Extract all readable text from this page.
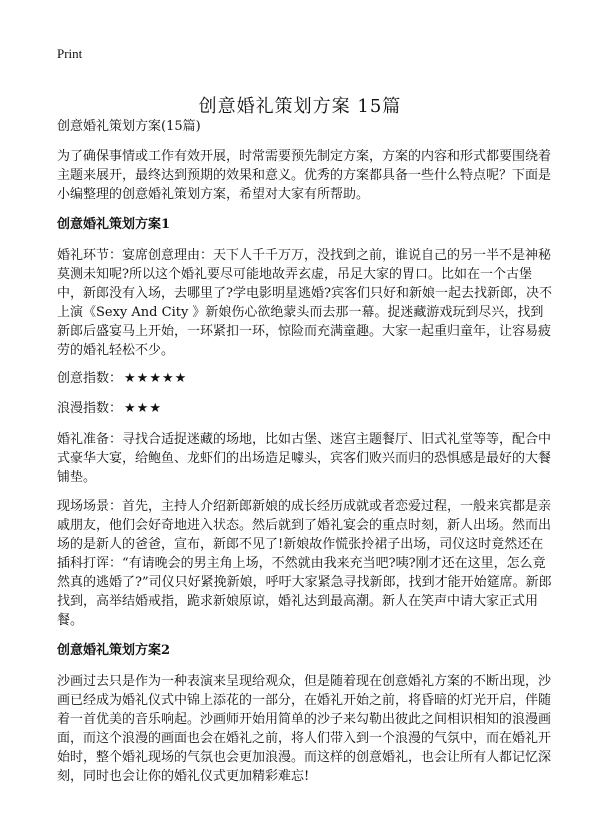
Print
创意婚礼策划方案 15篇
创意婚礼策划方案(15篇)

为了确保事情或工作有效开展，时常需要预先制定方案，方案的内容和形式都要围绕着主题来展开，最终达到预期的效果和意义。优秀的方案都具备一些什么特点呢？下面是小编整理的创意婚礼策划方案，希望对大家有所帮助。

创意婚礼策划方案1

婚礼环节：宴席创意理由：天下人千千万万，没找到之前，谁说自己的另一半不是神秘莫测未知呢?所以这个婚礼要尽可能地故弄玄虚，吊足大家的胃口。比如在一个古堡中，新郎没有入场，去哪里了?学电影明星逃婚?宾客们只好和新娘一起去找新郎，决不上演《Sexy And City 》新娘伤心欲绝蒙头而去那一幕。捉迷藏游戏玩到尽兴，找到新郎后盛宴马上开始，一环紧扣一环，惊险而充满童趣。大家一起重归童年，让容易疲劳的婚礼轻松不少。

创意指数： ★★★★★
浪漫指数： ★★★

婚礼准备：寻找合适捉迷藏的场地，比如古堡、迷宫主题餐厅、旧式礼堂等等，配合中式豪华大宴，给鲍鱼、龙虾们的出场造足噱头，宾客们败兴而归的恐惧感是最好的大餐铺垫。

现场场景：首先，主持人介绍新郎新娘的成长经历成就或者恋爱过程，一般来宾都是亲戚朋友，他们会好奇地进入状态。然后就到了婚礼宴会的重点时刻，新人出场。然而出场的是新人的爸爸，宣布，新郎不见了!新娘故作慌张拎裙子出场，司仪这时竟然还在插科打诨：“有请晚会的男主角上场，不然就由我来充当吧?咦?刚才还在这里，怎么竟然真的逃婚了?”司仪只好紧挽新娘，呼吁大家紧急寻找新郎，找到才能开始筵席。新郎找到，高举结婚戒指，跪求新娘原谅，婚礼达到最高潮。新人在笑声中请大家正式用餐。

创意婚礼策划方案2

沙画过去只是作为一种表演来呈现给观众，但是随着现在创意婚礼方案的不断出现，沙画已经成为婚礼仪式中锦上添花的一部分，在婚礼开始之前，将昏暗的灯光开启，伴随着一首优美的音乐响起。沙画师开始用简单的沙子来勾勒出彼此之间相识相知的浪漫画面，而这个浪漫的画面也会在婚礼之前，将人们带入到一个浪漫的气氛中，而在婚礼开始时，整个婚礼现场的气氛也会更加浪漫。而这样的创意婚礼，也会让所有人都记忆深刻，同时也会让你的婚礼仪式更加精彩难忘!
